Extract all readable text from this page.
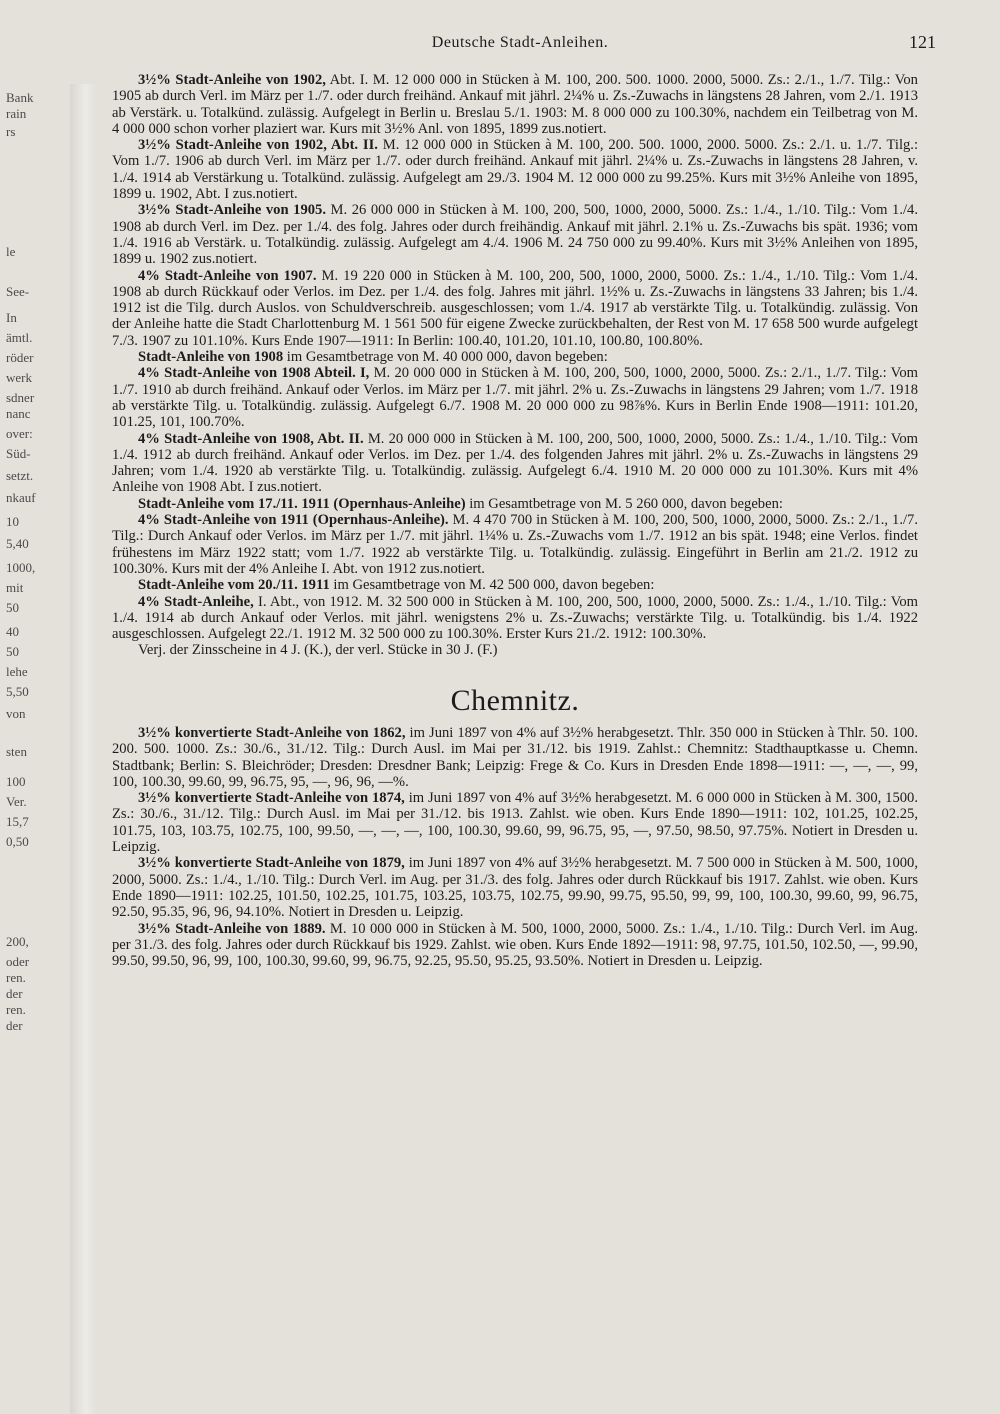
Bank
rain
rs
le
See-
In
ämtl.
röder
werk
sdner
nanc
over:
Süd-
setzt.
nkauf
10
5,40
1000,
mit
50
40
50
lehe
5,50
von
sten
100
Ver.
15,7
0,50
200,
oder
ren.
der
ren.
der
Deutsche Stadt-Anleihen.	121

3½% Stadt-Anleihe von 1902, Abt. I. M. 12 000 000 in Stücken à M. 100, 200. 500. 1000. 2000, 5000. Zs.: 2./1., 1./7. Tilg.: Von 1905 ab durch Verl. im März per 1./7. oder durch freihänd. Ankauf mit jährl. 2¼% u. Zs.-Zuwachs in längstens 28 Jahren, vom 2./1. 1913 ab Verstärk. u. Totalkünd. zulässig. Aufgelegt in Berlin u. Breslau 5./1. 1903: M. 8 000 000 zu 100.30%, nachdem ein Teilbetrag von M. 4 000 000 schon vorher plaziert war. Kurs mit 3½% Anl. von 1895, 1899 zus.notiert.

3½% Stadt-Anleihe von 1902, Abt. II. M. 12 000 000 in Stücken à M. 100, 200. 500. 1000, 2000. 5000. Zs.: 2./1. u. 1./7. Tilg.: Vom 1./7. 1906 ab durch Verl. im März per 1./7. oder durch freihänd. Ankauf mit jährl. 2¼% u. Zs.-Zuwachs in längstens 28 Jahren, v. 1./4. 1914 ab Verstärkung u. Totalkünd. zulässig. Aufgelegt am 29./3. 1904 M. 12 000 000 zu 99.25%. Kurs mit 3½% Anleihe von 1895, 1899 u. 1902, Abt. I zus.notiert.

3½% Stadt-Anleihe von 1905. M. 26 000 000 in Stücken à M. 100, 200, 500, 1000, 2000, 5000. Zs.: 1./4., 1./10. Tilg.: Vom 1./4. 1908 ab durch Verl. im Dez. per 1./4. des folg. Jahres oder durch freihändig. Ankauf mit jährl. 2.1% u. Zs.-Zuwachs bis spät. 1936; vom 1./4. 1916 ab Verstärk. u. Totalkündig. zulässig. Aufgelegt am 4./4. 1906 M. 24 750 000 zu 99.40%. Kurs mit 3½% Anleihen von 1895, 1899 u. 1902 zus.notiert.

4% Stadt-Anleihe von 1907. M. 19 220 000 in Stücken à M. 100, 200, 500, 1000, 2000, 5000. Zs.: 1./4., 1./10. Tilg.: Vom 1./4. 1908 ab durch Rückkauf oder Verlos. im Dez. per 1./4. des folg. Jahres mit jährl. 1½% u. Zs.-Zuwachs in längstens 33 Jahren; bis 1./4. 1912 ist die Tilg. durch Auslos. von Schuldverschreib. ausgeschlossen; vom 1./4. 1917 ab verstärkte Tilg. u. Totalkündig. zulässig. Von der Anleihe hatte die Stadt Charlottenburg M. 1 561 500 für eigene Zwecke zurückbehalten, der Rest von M. 17 658 500 wurde aufgelegt 7./3. 1907 zu 101.10%. Kurs Ende 1907—1911: In Berlin: 100.40, 101.20, 101.10, 100.80, 100.80%.

Stadt-Anleihe von 1908 im Gesamtbetrage von M. 40 000 000, davon begeben:

4% Stadt-Anleihe von 1908 Abteil. I, M. 20 000 000 in Stücken à M. 100, 200, 500, 1000, 2000, 5000. Zs.: 2./1., 1./7. Tilg.: Vom 1./7. 1910 ab durch freihänd. Ankauf oder Verlos. im März per 1./7. mit jährl. 2% u. Zs.-Zuwachs in längstens 29 Jahren; vom 1./7. 1918 ab verstärkte Tilg. u. Totalkündig. zulässig. Aufgelegt 6./7. 1908 M. 20 000 000 zu 98⅞%. Kurs in Berlin Ende 1908—1911: 101.20, 101.25, 101, 100.70%.

4% Stadt-Anleihe von 1908, Abt. II. M. 20 000 000 in Stücken à M. 100, 200, 500, 1000, 2000, 5000. Zs.: 1./4., 1./10. Tilg.: Vom 1./4. 1912 ab durch freihänd. Ankauf oder Verlos. im Dez. per 1./4. des folgenden Jahres mit jährl. 2% u. Zs.-Zuwachs in längstens 29 Jahren; vom 1./4. 1920 ab verstärkte Tilg. u. Totalkündig. zulässig. Aufgelegt 6./4. 1910 M. 20 000 000 zu 101.30%. Kurs mit 4% Anleihe von 1908 Abt. I zus.notiert.

Stadt-Anleihe vom 17./11. 1911 (Opernhaus-Anleihe) im Gesamtbetrage von M. 5 260 000, davon begeben:

4% Stadt-Anleihe von 1911 (Opernhaus-Anleihe). M. 4 470 700 in Stücken à M. 100, 200, 500, 1000, 2000, 5000. Zs.: 2./1., 1./7. Tilg.: Durch Ankauf oder Verlos. im März per 1./7. mit jährl. 1¼% u. Zs.-Zuwachs vom 1./7. 1912 an bis spät. 1948; eine Verlos. findet frühestens im März 1922 statt; vom 1./7. 1922 ab verstärkte Tilg. u. Totalkündig. zulässig. Eingeführt in Berlin am 21./2. 1912 zu 100.30%. Kurs mit der 4% Anleihe I. Abt. von 1912 zus.notiert.

Stadt-Anleihe vom 20./11. 1911 im Gesamtbetrage von M. 42 500 000, davon begeben:

4% Stadt-Anleihe, I. Abt., von 1912. M. 32 500 000 in Stücken à M. 100, 200, 500, 1000, 2000, 5000. Zs.: 1./4., 1./10. Tilg.: Vom 1./4. 1914 ab durch Ankauf oder Verlos. mit jährl. wenigstens 2% u. Zs.-Zuwachs; verstärkte Tilg. u. Totalkündig. bis 1./4. 1922 ausgeschlossen. Aufgelegt 22./1. 1912 M. 32 500 000 zu 100.30%. Erster Kurs 21./2. 1912: 100.30%.

Verj. der Zinsscheine in 4 J. (K.), der verl. Stücke in 30 J. (F.)

Chemnitz.

3½% konvertierte Stadt-Anleihe von 1862, im Juni 1897 von 4% auf 3½% herabgesetzt. Thlr. 350 000 in Stücken à Thlr. 50. 100. 200. 500. 1000. Zs.: 30./6., 31./12. Tilg.: Durch Ausl. im Mai per 31./12. bis 1919. Zahlst.: Chemnitz: Stadthauptkasse u. Chemn. Stadtbank; Berlin: S. Bleichröder; Dresden: Dresdner Bank; Leipzig: Frege & Co. Kurs in Dresden Ende 1898—1911: —, —, —, 99, 100, 100.30, 99.60, 99, 96.75, 95, —, 96, 96, —%.

3½% konvertierte Stadt-Anleihe von 1874, im Juni 1897 von 4% auf 3½% herabgesetzt. M. 6 000 000 in Stücken à M. 300, 1500. Zs.: 30./6., 31./12. Tilg.: Durch Ausl. im Mai per 31./12. bis 1913. Zahlst. wie oben. Kurs Ende 1890—1911: 102, 101.25, 102.25, 101.75, 103, 103.75, 102.75, 100, 99.50, —, —, —, 100, 100.30, 99.60, 99, 96.75, 95, —, 97.50, 98.50, 97.75%. Notiert in Dresden u. Leipzig.

3½% konvertierte Stadt-Anleihe von 1879, im Juni 1897 von 4% auf 3½% herabgesetzt. M. 7 500 000 in Stücken à M. 500, 1000, 2000, 5000. Zs.: 1./4., 1./10. Tilg.: Durch Verl. im Aug. per 31./3. des folg. Jahres oder durch Rückkauf bis 1917. Zahlst. wie oben. Kurs Ende 1890—1911: 102.25, 101.50, 102.25, 101.75, 103.25, 103.75, 102.75, 99.90, 99.75, 95.50, 99, 99, 100, 100.30, 99.60, 99, 96.75, 92.50, 95.35, 96, 96, 94.10%. Notiert in Dresden u. Leipzig.

3½% Stadt-Anleihe von 1889. M. 10 000 000 in Stücken à M. 500, 1000, 2000, 5000. Zs.: 1./4., 1./10. Tilg.: Durch Verl. im Aug. per 31./3. des folg. Jahres oder durch Rückkauf bis 1929. Zahlst. wie oben. Kurs Ende 1892—1911: 98, 97.75, 101.50, 102.50, —, 99.90, 99.50, 99.50, 96, 99, 100, 100.30, 99.60, 99, 96.75, 92.25, 95.50, 95.25, 93.50%. Notiert in Dresden u. Leipzig.
